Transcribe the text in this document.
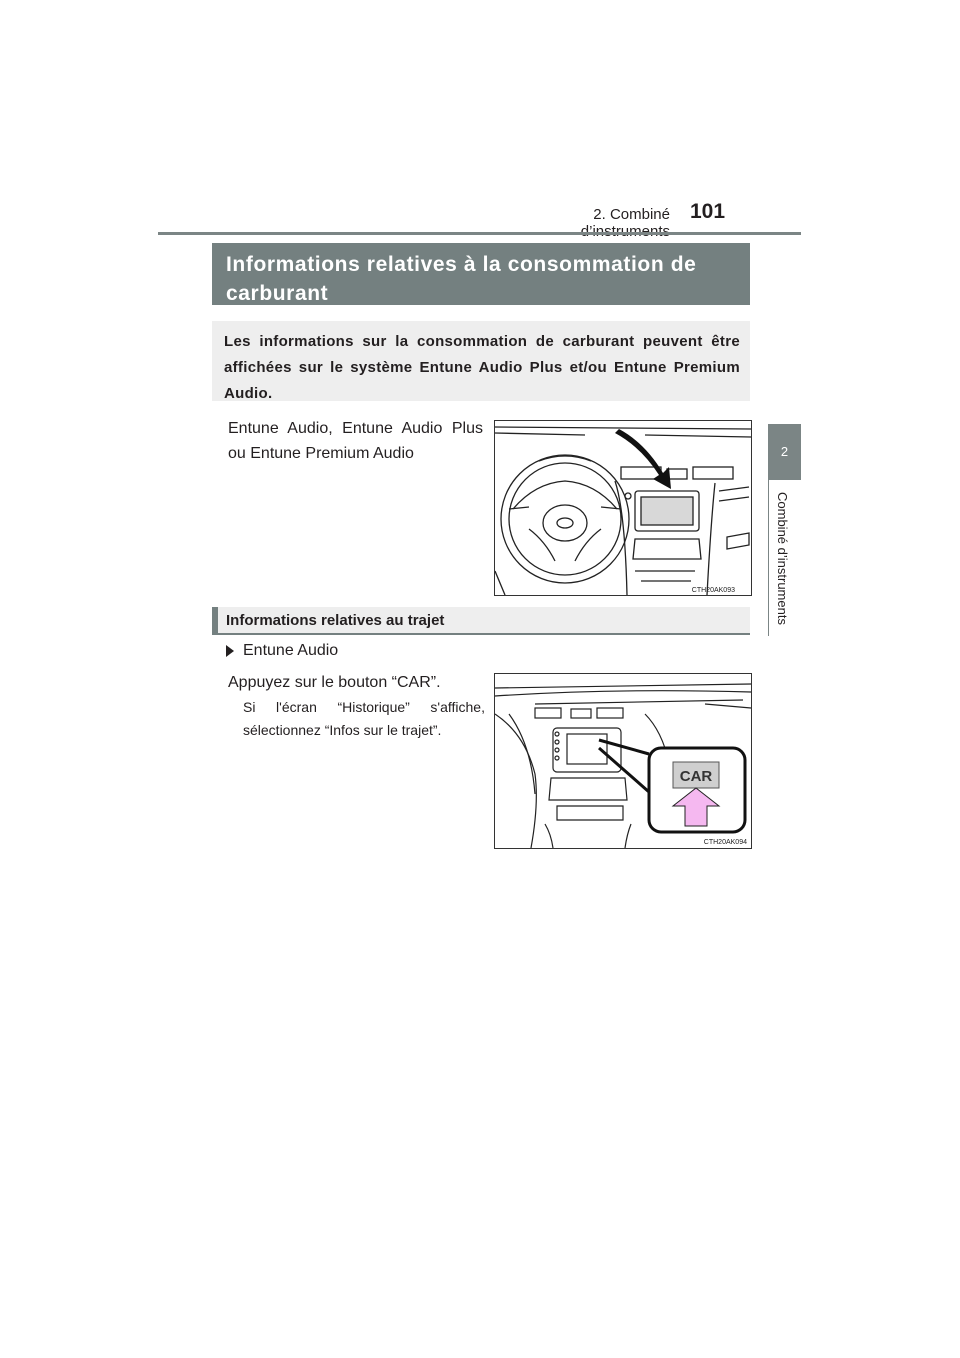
2. Combiné 101
2
Combiné d’instruments
Informations relatives à la consommation de carburant
Les informations sur la consommation de carburant peuvent être affichées sur le système Entune Audio Plus et/ou Entune Premium Audio.
Entune Audio, Entune Audio Plus ou Entune Premium Audio
CTH20AK093
Informations relatives au trajet
Entune Audio
Appuyez sur le bouton “CAR”.
Si l'écran “Historique” s'affiche, sélectionnez “Infos sur le trajet”.
CAR
CTH20AK094
